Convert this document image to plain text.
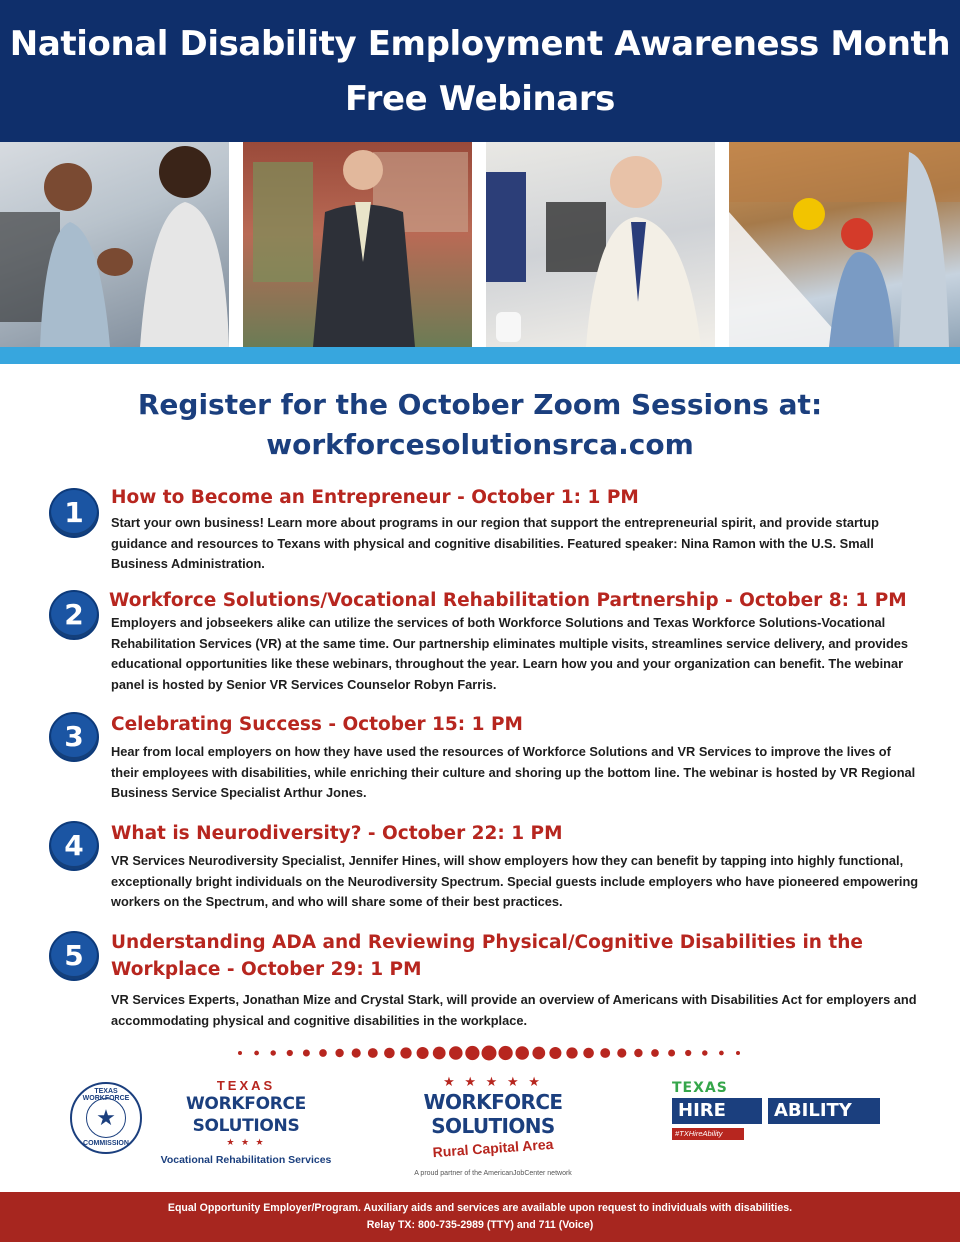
National Disability Employment Awareness Month
Free Webinars
Register for the October Zoom Sessions at:
workforcesolutionsrca.com
1	How to Become an Entrepreneur - October 1: 1 PM
Start your own business! Learn more about programs in our region that support the entrepreneurial spirit, and provide startup guidance and resources to Texans with physical and cognitive disabilities. Featured speaker: Nina Ramon with the U.S. Small Business Administration.
2	Workforce Solutions/Vocational Rehabilitation Partnership - October 8: 1 PM
Employers and jobseekers alike can utilize the services of both Workforce Solutions and Texas Workforce Solutions-Vocational Rehabilitation Services (VR) at the same time. Our partnership eliminates multiple visits, streamlines service delivery, and provides educational opportunities like these webinars, throughout the year. Learn how you and your organization can benefit. The webinar panel is hosted by Senior VR Services Counselor Robyn Farris.
3	Celebrating Success - October 15: 1 PM
Hear from local employers on how they have used the resources of Workforce Solutions and VR Services to improve the lives of their employees with disabilities, while enriching their culture and shoring up the bottom line. The webinar is hosted by VR Regional Business Service Specialist Arthur Jones.
4	What is Neurodiversity? - October 22: 1 PM
VR Services Neurodiversity Specialist, Jennifer Hines, will show employers how they can benefit by tapping into highly functional, exceptionally bright individuals on the Neurodiversity Spectrum. Special guests include employers who have pioneered empowering workers on the Spectrum, and who will share some of their best practices.
5	Understanding ADA and Reviewing Physical/Cognitive Disabilities in the
Workplace - October 29: 1 PM
VR Services Experts, Jonathan Mize and Crystal Stark, will provide an overview of Americans with Disabilities Act for employers and accommodating physical and cognitive disabilities in the workplace.
TEXAS WORKFORCE
★
COMMISSION
TEXAS
WORKFORCE SOLUTIONS
★ ★ ★
Vocational Rehabilitation Services
★ ★ ★ ★ ★
WORKFORCE SOLUTIONS
Rural Capital Area
A proud partner of the AmericanJobCenter network
TEXAS
HIRE	ABILITY
#TXHireAbility
Equal Opportunity Employer/Program. Auxiliary aids and services are available upon request to individuals with disabilities.
Relay TX: 800-735-2989 (TTY) and 711 (Voice)
